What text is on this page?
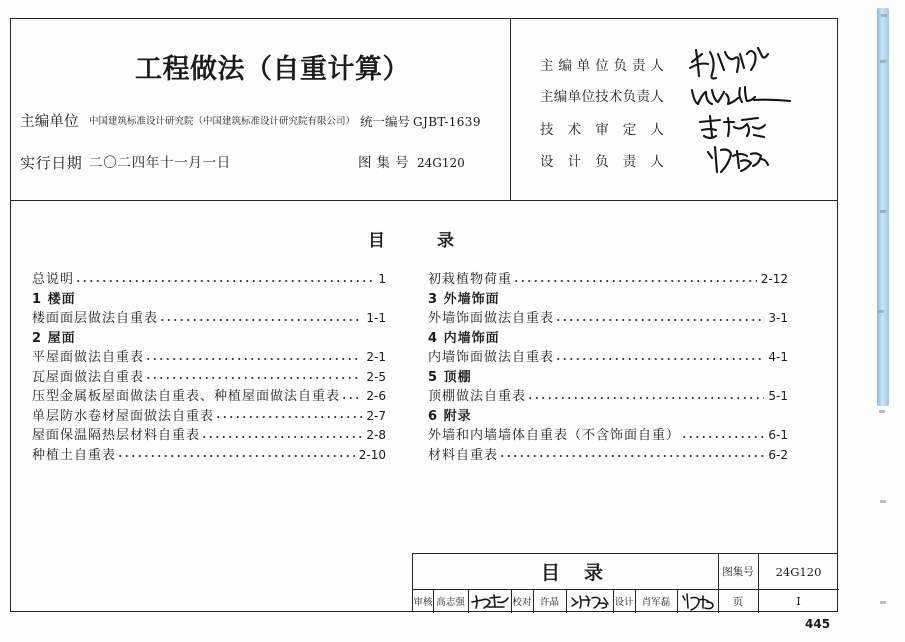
工程做法（自重计算）
主编单位 中国建筑标准设计研究院（中国建筑标准设计研究院有限公司） 统一编号 GJBT-1639
实行日期 二〇二四年十一月一日	图集号 24G120
主编单位负责人
主编单位技术负责人
技术审定人
设计负责人
目录
总说明	1
1 楼面
楼面面层做法自重表	1-1
2 屋面
平屋面做法自重表	2-1
瓦屋面做法自重表	2-5
压型金属板屋面做法自重表、种植屋面做法自重表 2-6
单层防水卷材屋面做法自重表	2-7
屋面保温隔热层材料自重表	2-8
种植土自重表	2-10
初栽植物荷重	2-12
3 外墙饰面
外墙饰面做法自重表	3-1
4 内墙饰面
内墙饰面做法自重表	4-1
5 顶棚
顶棚做法自重表	5-1
6 附录
外墙和内墙墙体自重表（不含饰面自重）	6-1
材料自重表	6-2
目录	图集号	24G120
审核 高志强	校对 许晶	设计 肖军磊	页	I
445
